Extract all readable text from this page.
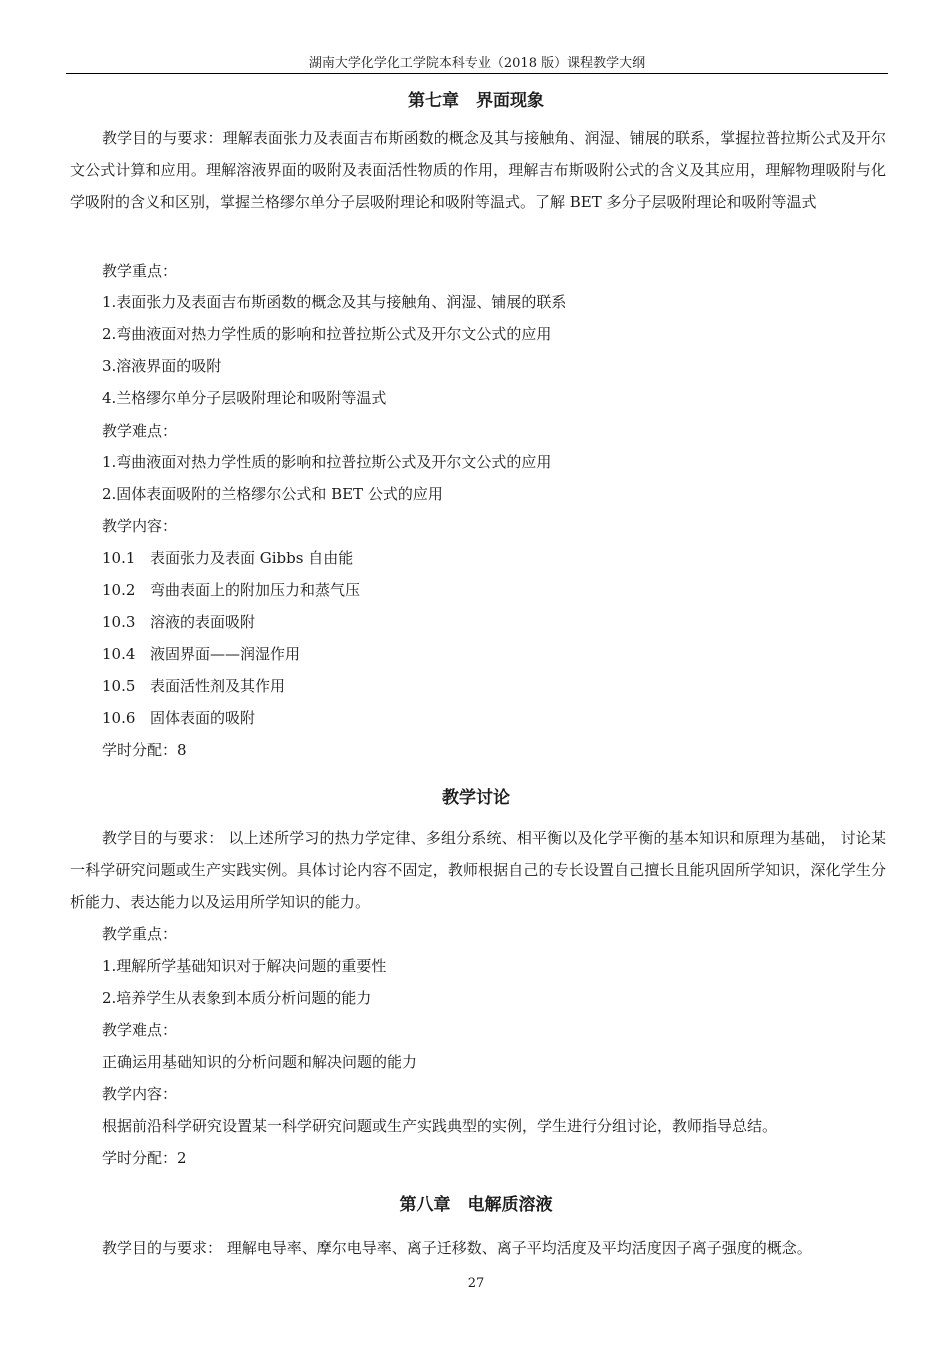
湖南大学化学化工学院本科专业（2018 版）课程教学大纲
第七章　界面现象

教学目的与要求：理解表面张力及表面吉布斯函数的概念及其与接触角、润湿、铺展的联系，掌握拉普拉斯公式及开尔文公式计算和应用。理解溶液界面的吸附及表面活性物质的作用，理解吉布斯吸附公式的含义及其应用，理解物理吸附与化学吸附的含义和区别，掌握兰格缪尔单分子层吸附理论和吸附等温式。了解 BET 多分子层吸附理论和吸附等温式

教学重点：
1.表面张力及表面吉布斯函数的概念及其与接触角、润湿、铺展的联系
2.弯曲液面对热力学性质的影响和拉普拉斯公式及开尔文公式的应用
3.溶液界面的吸附
4.兰格缪尔单分子层吸附理论和吸附等温式
教学难点：
1.弯曲液面对热力学性质的影响和拉普拉斯公式及开尔文公式的应用
2.固体表面吸附的兰格缪尔公式和 BET 公式的应用
教学内容：
10.1 表面张力及表面 Gibbs 自由能
10.2 弯曲表面上的附加压力和蒸气压
10.3 溶液的表面吸附
10.4 液固界面——润湿作用
10.5 表面活性剂及其作用
10.6 固体表面的吸附
学时分配：8
教学讨论

教学目的与要求： 以上述所学习的热力学定律、多组分系统、相平衡以及化学平衡的基本知识和原理为基础， 讨论某一科学研究问题或生产实践实例。具体讨论内容不固定，教师根据自己的专长设置自己擅长且能巩固所学知识，深化学生分析能力、表达能力以及运用所学知识的能力。

教学重点：
1.理解所学基础知识对于解决问题的重要性
2.培养学生从表象到本质分析问题的能力
教学难点：
正确运用基础知识的分析问题和解决问题的能力
教学内容：
根据前沿科学研究设置某一科学研究问题或生产实践典型的实例，学生进行分组讨论，教师指导总结。
学时分配：2
第八章　电解质溶液
教学目的与要求： 理解电导率、摩尔电导率、离子迁移数、离子平均活度及平均活度因子离子强度的概念。
27
